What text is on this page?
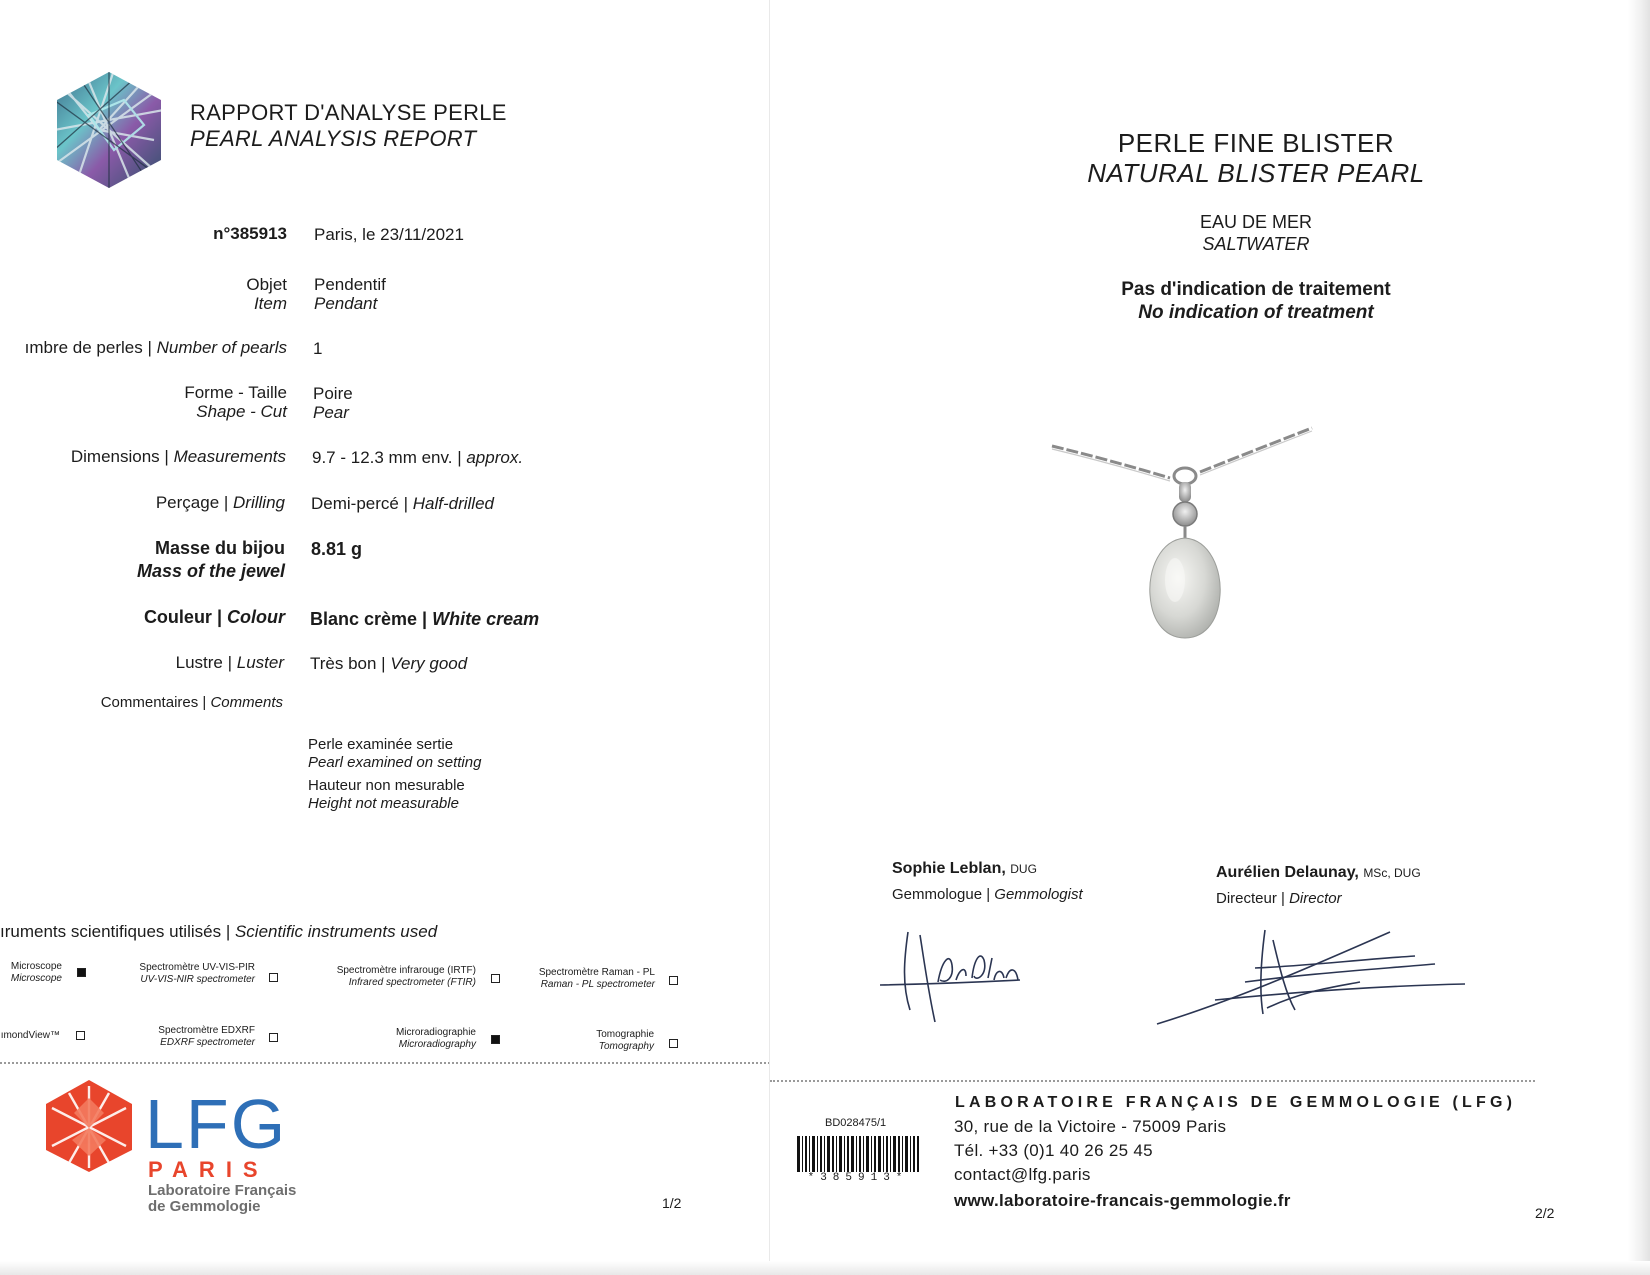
RAPPORT D'ANALYSE PERLE
PEARL ANALYSIS REPORT
n°385913 Paris, le 23/11/2021
Objet
Item
Pendentif
Pendant
ımbre de perles | Number of pearls 1
Forme - Taille
Shape - Cut
Poire
Pear
Dimensions | Measurements 9.7 - 12.3 mm env. | approx.
Perçage | Drilling Demi-percé | Half-drilled
Masse du bijou
Mass of the jewel
8.81 g
Couleur | Colour Blanc crème | White cream
Lustre | Luster Très bon | Very good
Commentaires | Comments
Perle examinée sertie
Pearl examined on setting
Hauteur non mesurable
Height not measurable
ıruments scientifiques utilisés | Scientific instruments used
Microscope
Microscope
Spectromètre UV-VIS-PIR
UV-VIS-NIR spectrometer
Spectromètre infrarouge (IRTF)
Infrared spectrometer (FTIR)
Spectromètre Raman - PL
Raman - PL spectrometer
ımondView™	Spectromètre EDXRF
EDXRF spectrometer
Microradiographie
Microradiography
Tomographie
Tomography
LFG
PARIS
Laboratoire Français
de Gemmologie	1/2
PERLE FINE BLISTER
NATURAL BLISTER PEARL
EAU DE MER
SALTWATER
Pas d'indication de traitement
No indication of treatment
Sophie Leblan, DUG
Gemmologue | Gemmologist
Aurélien Delaunay, MSc, DUG
Directeur | Director
BD028475/1
*385913*
LABORATOIRE FRANÇAIS DE GEMMOLOGIE (LFG)
30, rue de la Victoire - 75009 Paris
Tél. +33 (0)1 40 26 25 45
contact@lfg.paris
www.laboratoire-francais-gemmologie.fr
2/2
